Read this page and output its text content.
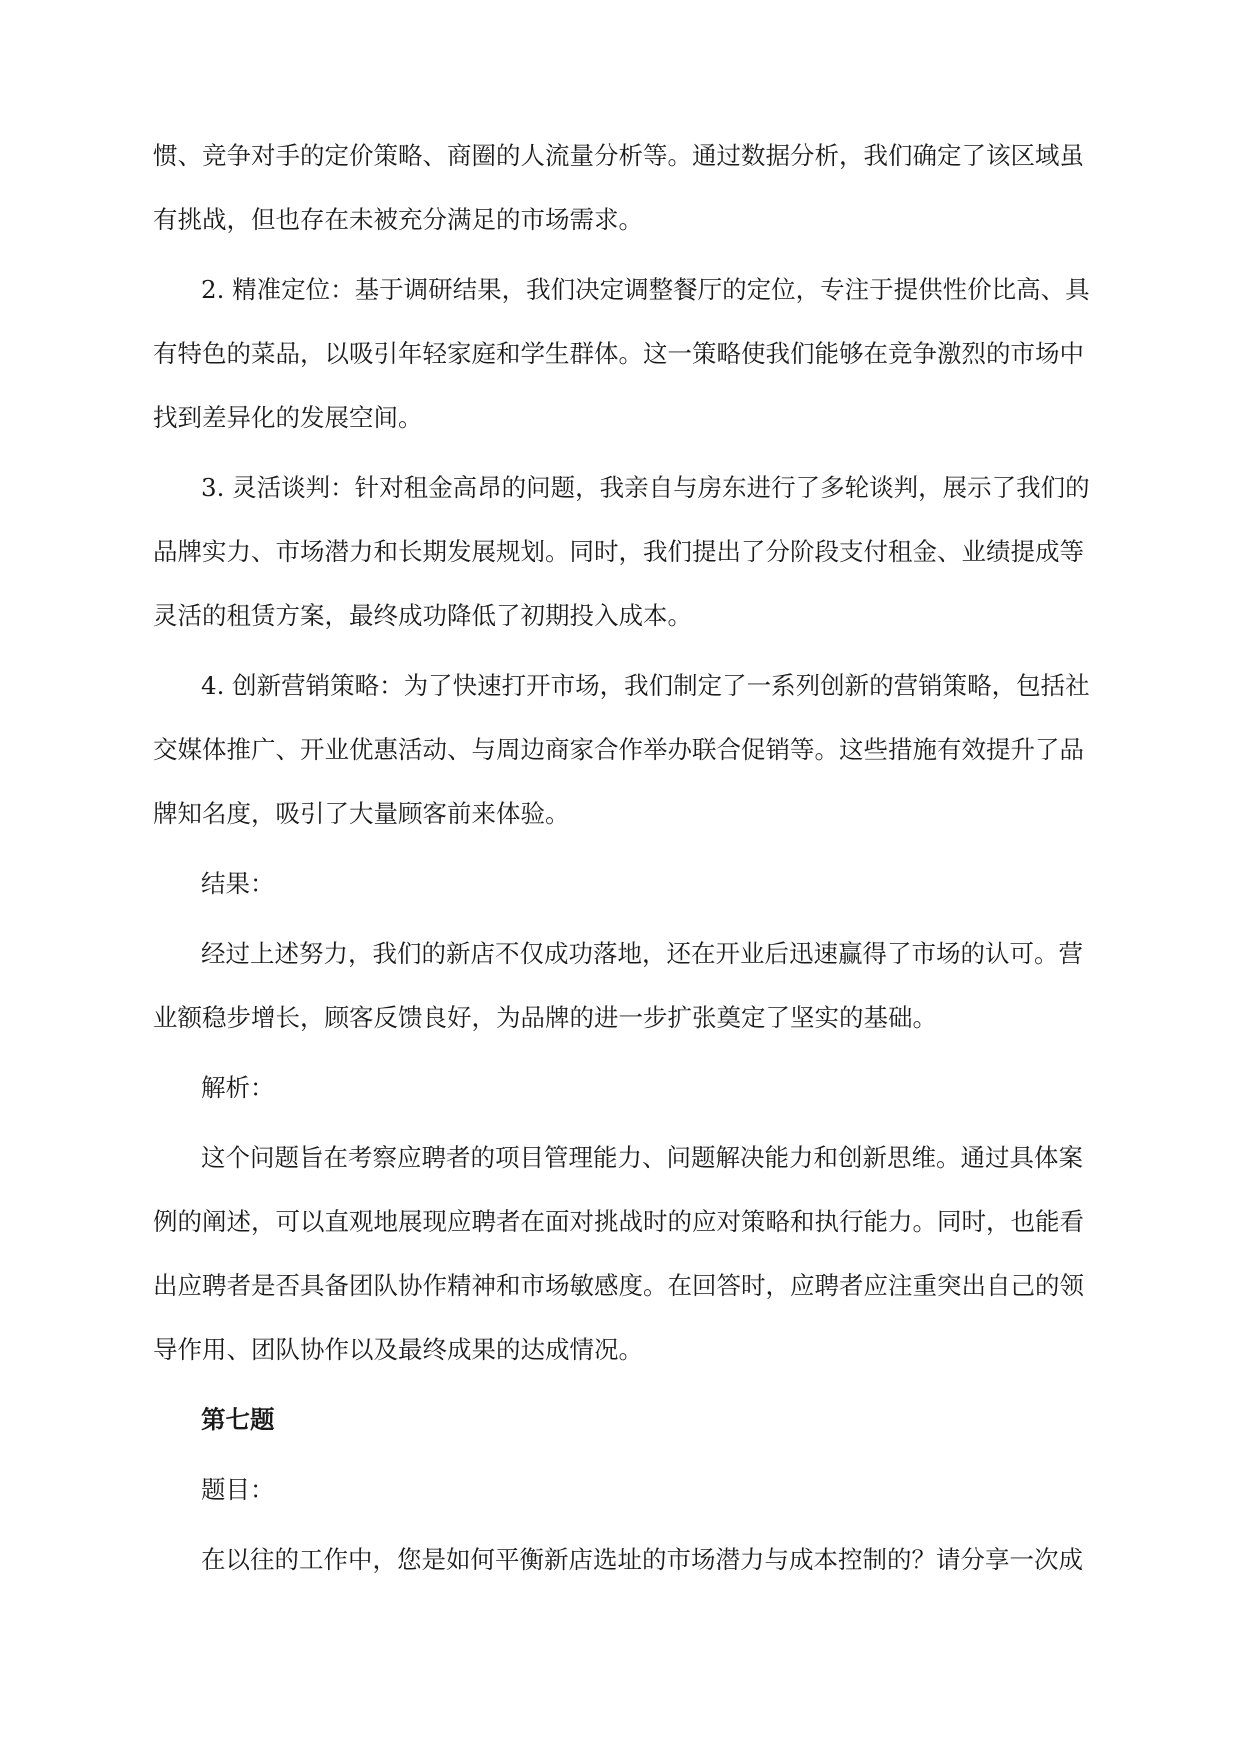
惯、竞争对手的定价策略、商圈的人流量分析等。通过数据分析，我们确定了该区域虽
有挑战，但也存在未被充分满足的市场需求。
2. 精准定位：基于调研结果，我们决定调整餐厅的定位，专注于提供性价比高、具
有特色的菜品，以吸引年轻家庭和学生群体。这一策略使我们能够在竞争激烈的市场中
找到差异化的发展空间。
3. 灵活谈判：针对租金高昂的问题，我亲自与房东进行了多轮谈判，展示了我们的
品牌实力、市场潜力和长期发展规划。同时，我们提出了分阶段支付租金、业绩提成等
灵活的租赁方案，最终成功降低了初期投入成本。
4. 创新营销策略：为了快速打开市场，我们制定了一系列创新的营销策略，包括社
交媒体推广、开业优惠活动、与周边商家合作举办联合促销等。这些措施有效提升了品
牌知名度，吸引了大量顾客前来体验。
结果：
经过上述努力，我们的新店不仅成功落地，还在开业后迅速赢得了市场的认可。营
业额稳步增长，顾客反馈良好，为品牌的进一步扩张奠定了坚实的基础。
解析：
这个问题旨在考察应聘者的项目管理能力、问题解决能力和创新思维。通过具体案
例的阐述，可以直观地展现应聘者在面对挑战时的应对策略和执行能力。同时，也能看
出应聘者是否具备团队协作精神和市场敏感度。在回答时，应聘者应注重突出自己的领
导作用、团队协作以及最终成果的达成情况。
第七题
题目：
在以往的工作中，您是如何平衡新店选址的市场潜力与成本控制的？请分享一次成
